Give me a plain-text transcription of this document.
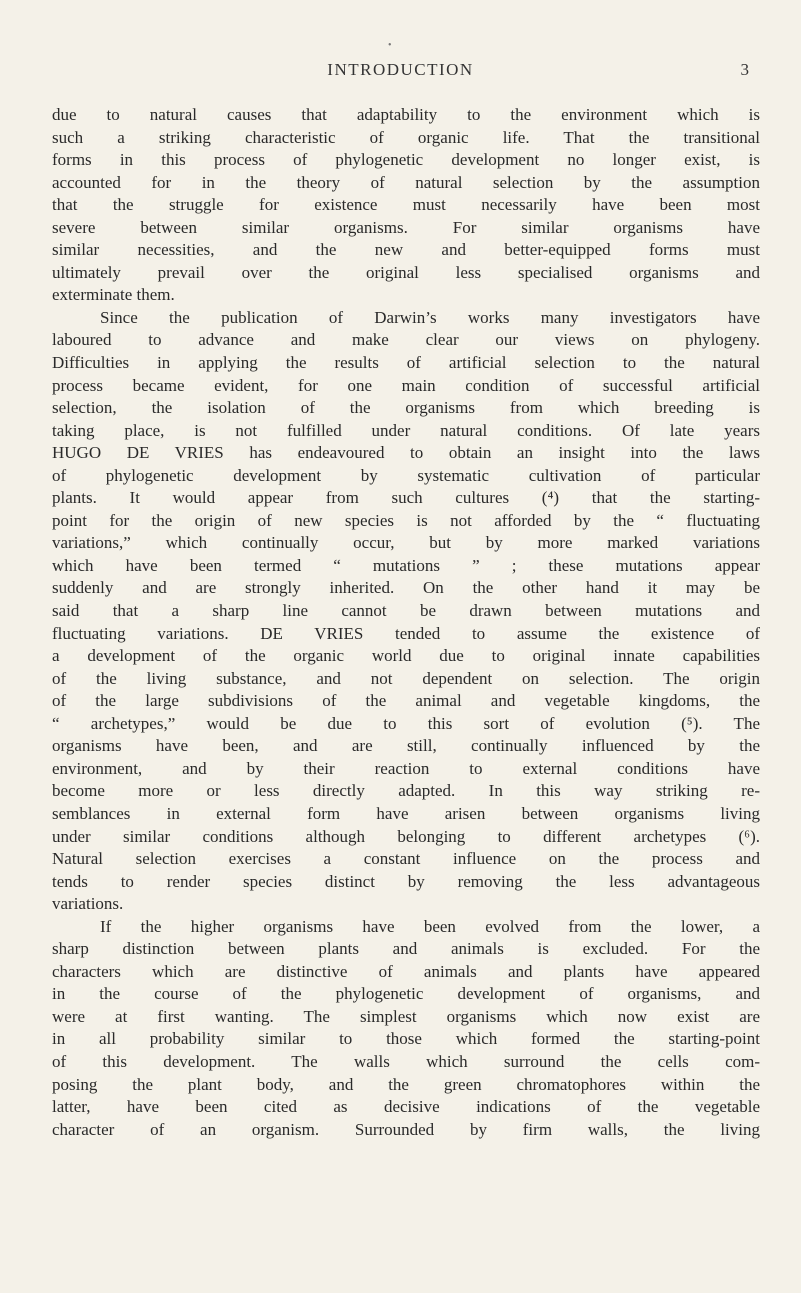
•
INTRODUCTION	3
due to natural causes that adaptability to the environment which is
such a striking characteristic of organic life. That the transitional
forms in this process of phylogenetic development no longer exist, is
accounted for in the theory of natural selection by the assumption
that the struggle for existence must necessarily have been most
severe between similar organisms. For similar organisms have
similar necessities, and the new and better-equipped forms must
ultimately prevail over the original less specialised organisms and
exterminate them.
Since the publication of Darwin’s works many investigators have
laboured to advance and make clear our views on phylogeny.
Difficulties in applying the results of artificial selection to the natural
process became evident, for one main condition of successful artificial
selection, the isolation of the organisms from which breeding is
taking place, is not fulfilled under natural conditions. Of late years
HUGO DE VRIES has endeavoured to obtain an insight into the laws
of phylogenetic development by systematic cultivation of particular
plants. It would appear from such cultures (⁴) that the starting-
point for the origin of new species is not afforded by the “ fluctuating
variations,” which continually occur, but by more marked variations
which have been termed “ mutations ” ; these mutations appear
suddenly and are strongly inherited. On the other hand it may be
said that a sharp line cannot be drawn between mutations and
fluctuating variations. DE VRIES tended to assume the existence of
a development of the organic world due to original innate capabilities
of the living substance, and not dependent on selection. The origin
of the large subdivisions of the animal and vegetable kingdoms, the
“ archetypes,” would be due to this sort of evolution (⁵). The
organisms have been, and are still, continually influenced by the
environment, and by their reaction to external conditions have
become more or less directly adapted. In this way striking re-
semblances in external form have arisen between organisms living
under similar conditions although belonging to different archetypes (⁶).
Natural selection exercises a constant influence on the process and
tends to render species distinct by removing the less advantageous
variations.
If the higher organisms have been evolved from the lower, a
sharp distinction between plants and animals is excluded. For the
characters which are distinctive of animals and plants have appeared
in the course of the phylogenetic development of organisms, and
were at first wanting. The simplest organisms which now exist are
in all probability similar to those which formed the starting-point
of this development. The walls which surround the cells com-
posing the plant body, and the green chromatophores within the
latter, have been cited as decisive indications of the vegetable
character of an organism. Surrounded by firm walls, the living
